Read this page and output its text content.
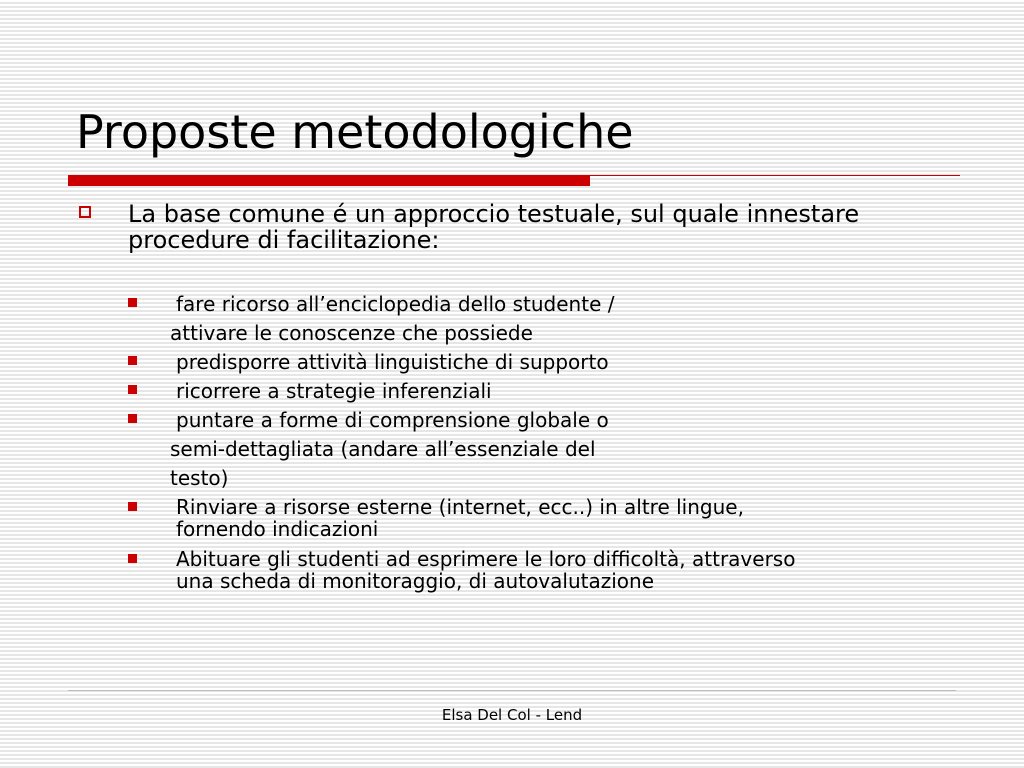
Proposte metodologiche
La base comune é un approccio testuale, sul quale innestare procedure di facilitazione:
fare ricorso all’enciclopedia dello studente /
attivare le conoscenze che possiede
predisporre attività linguistiche di supporto
ricorrere a strategie inferenziali
puntare a forme di comprensione globale o
semi-dettagliata (andare all’essenziale del
testo)
Rinviare a risorse esterne (internet, ecc..) in altre lingue,
fornendo indicazioni
Abituare gli studenti ad esprimere le loro difficoltà, attraverso
una scheda di monitoraggio, di autovalutazione
Elsa Del Col - Lend
